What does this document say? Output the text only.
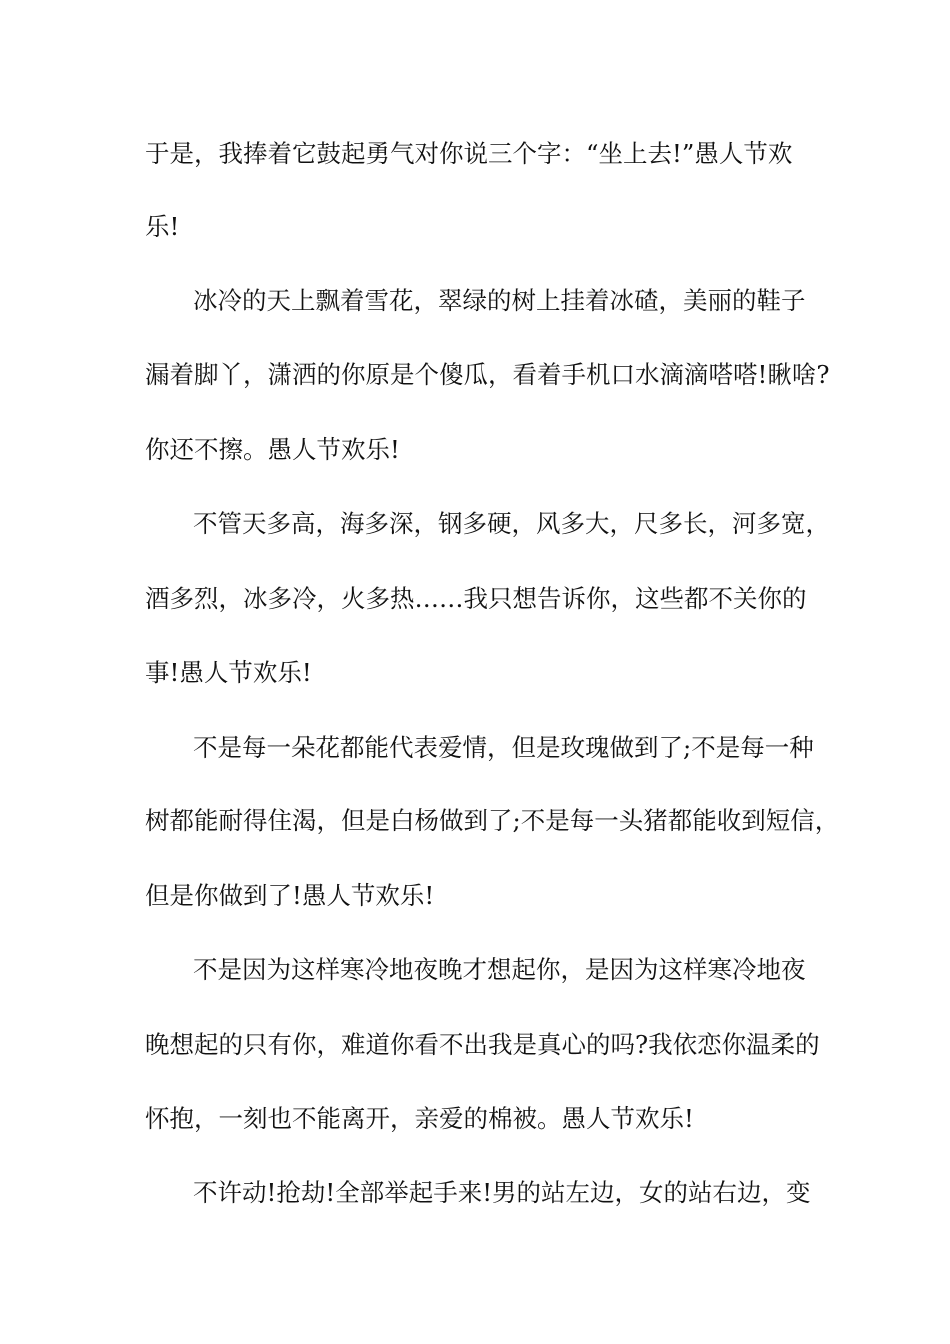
于是，我捧着它鼓起勇气对你说三个字：“坐上去!”愚人节欢
乐!
冰冷的天上飘着雪花，翠绿的树上挂着冰碴，美丽的鞋子
漏着脚丫，潇洒的你原是个傻瓜，看着手机口水滴滴嗒嗒!瞅啥?
你还不擦。愚人节欢乐!
不管天多高，海多深，钢多硬，风多大，尺多长，河多宽，
酒多烈，冰多冷，火多热……我只想告诉你，这些都不关你的
事!愚人节欢乐!
不是每一朵花都能代表爱情，但是玫瑰做到了;不是每一种
树都能耐得住渴，但是白杨做到了;不是每一头猪都能收到短信，
但是你做到了!愚人节欢乐!
不是因为这样寒冷地夜晚才想起你，是因为这样寒冷地夜
晚想起的只有你，难道你看不出我是真心的吗?我依恋你温柔的
怀抱，一刻也不能离开，亲爱的棉被。愚人节欢乐!
不许动!抢劫!全部举起手来!男的站左边，女的站右边，变
